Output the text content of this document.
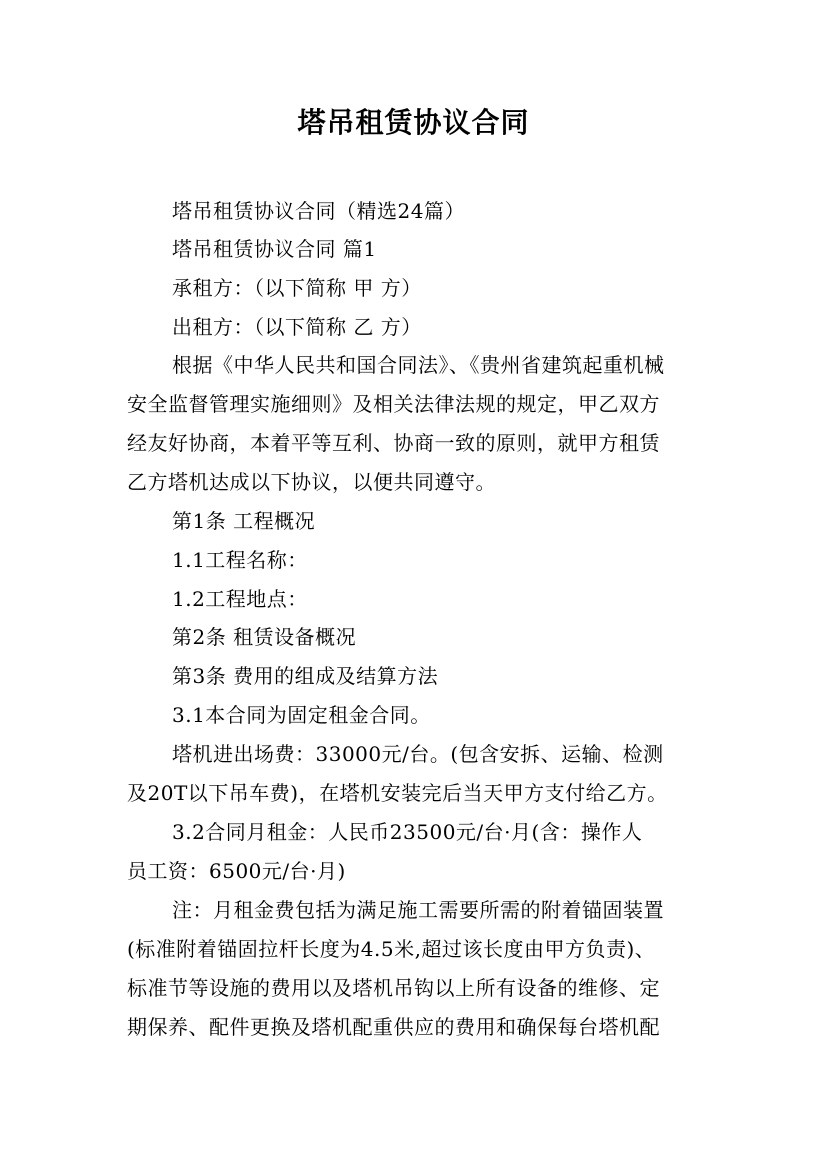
塔吊租赁协议合同
塔吊租赁协议合同（精选24篇）
塔吊租赁协议合同 篇1
承租方：（以下简称 甲 方）
出租方：（以下简称 乙 方）
根据《中华人民共和国合同法》、《贵州省建筑起重机械
安全监督管理实施细则》及相关法律法规的规定，甲乙双方
经友好协商，本着平等互利、协商一致的原则，就甲方租赁
乙方塔机达成以下协议，以便共同遵守。
第1条 工程概况
1.1工程名称：
1.2工程地点：
第2条 租赁设备概况
第3条 费用的组成及结算方法
3.1本合同为固定租金合同。
塔机进出场费：33000元/台。(包含安拆、运输、检测
及20T以下吊车费)，在塔机安装完后当天甲方支付给乙方。
3.2合同月租金：人民币23500元/台·月(含：操作人
员工资：6500元/台·月)
注：月租金费包括为满足施工需要所需的附着锚固装置
(标准附着锚固拉杆长度为4.5米,超过该长度由甲方负责)、
标准节等设施的费用以及塔机吊钩以上所有设备的维修、定
期保养、配件更换及塔机配重供应的费用和确保每台塔机配
